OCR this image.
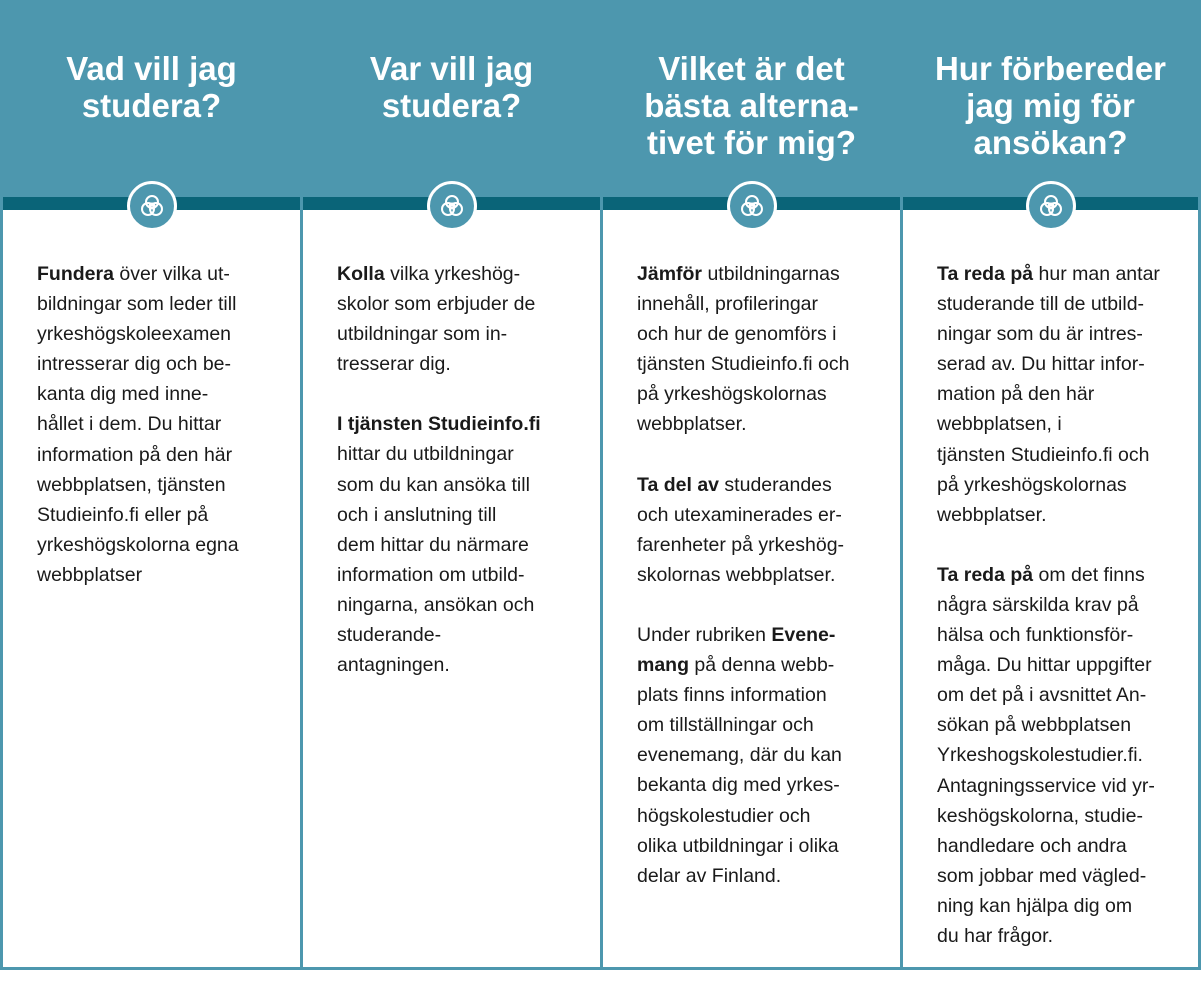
Vad vill jag
studera?

Fundera över vilka ut-
bildningar som leder till
yrkeshögskoleexamen
intresserar dig och be-
kanta dig med inne-
hållet i dem. Du hittar
information på den här
webbplatsen, tjänsten
Studieinfo.fi eller på
yrkeshögskolorna egna
webbplatser

Var vill jag
studera?

Kolla vilka yrkeshög-
skolor som erbjuder de
utbildningar som in-
tresserar dig.

I tjänsten Studieinfo.fi
hittar du utbildningar
som du kan ansöka till
och i anslutning till
dem hittar du närmare
information om utbild-
ningarna, ansökan och
studerande-
antagningen.

Vilket är det
bästa alterna-
tivet för mig?

Jämför utbildningarnas
innehåll, profileringar
och hur de genomförs i
tjänsten Studieinfo.fi och
på yrkeshögskolornas
webbplatser.

Ta del av studerandes
och utexaminerades er-
farenheter på yrkeshög-
skolornas webbplatser.

Under rubriken Evene-
mang på denna webb-
plats finns information
om tillställningar och
evenemang, där du kan
bekanta dig med yrkes-
högskolestudier och
olika utbildningar i olika
delar av Finland.

Hur förbereder
jag mig för
ansökan?

Ta reda på hur man antar
studerande till de utbild-
ningar som du är intres-
serad av. Du hittar infor-
mation på den här
webbplatsen, i
tjänsten Studieinfo.fi och
på yrkeshögskolornas
webbplatser.

Ta reda på om det finns
några särskilda krav på
hälsa och funktionsför-
måga. Du hittar uppgifter
om det på i avsnittet An-
sökan på webbplatsen
Yrkeshogskolestudier.fi.
Antagningsservice vid yr-
keshögskolorna, studie-
handledare och andra
som jobbar med vägled-
ning kan hjälpa dig om
du har frågor.
